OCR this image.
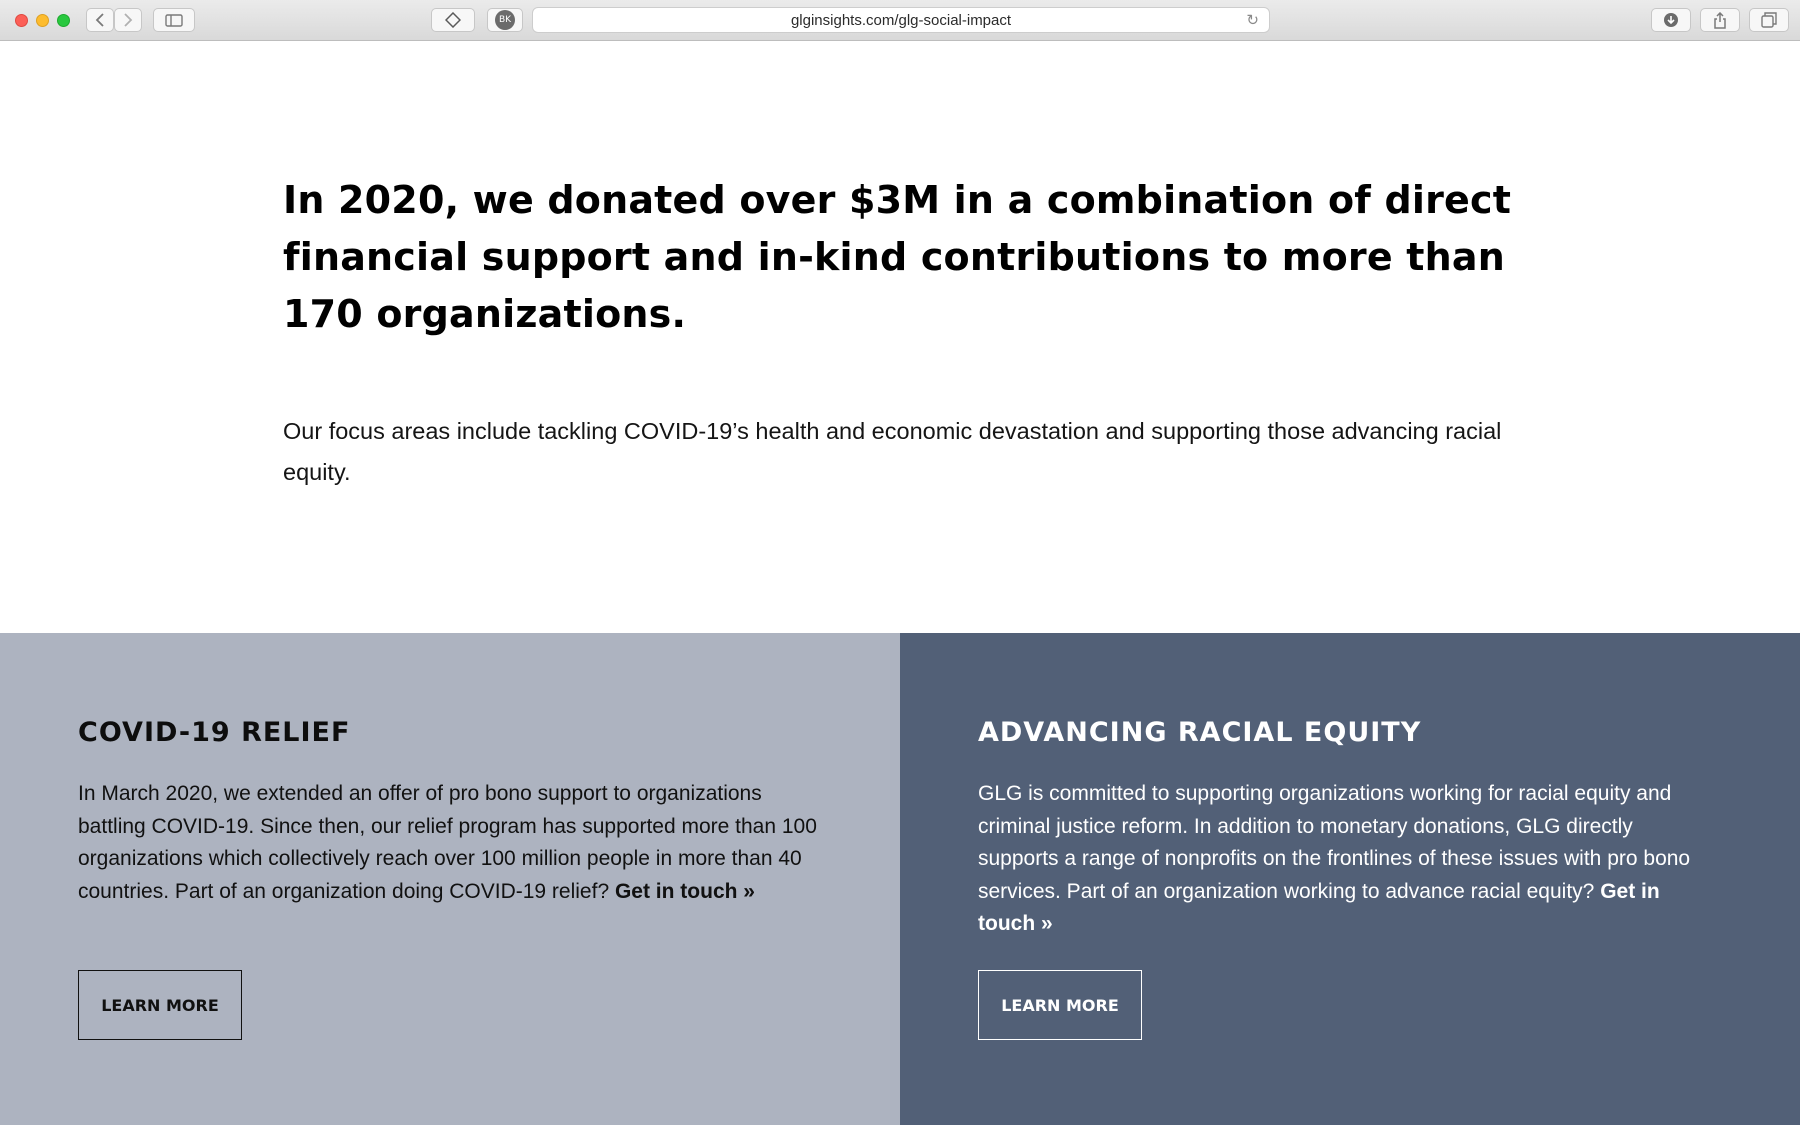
BK	glginsights.com/glg-social-impact	↻
In 2020, we donated over $3M in a combination of direct financial support and in-kind contributions to more than 170 organizations.

Our focus areas include tackling COVID-19’s health and economic devastation and supporting those advancing racial equity.

COVID-19 RELIEF

In March 2020, we extended an offer of pro bono support to organizations battling COVID-19. Since then, our relief program has supported more than 100 organizations which collectively reach over 100 million people in more than 40 countries. Part of an organization doing COVID-19 relief? Get in touch »

LEARN MORE
ADVANCING RACIAL EQUITY

GLG is committed to supporting organizations working for racial equity and criminal justice reform. In addition to monetary donations, GLG directly supports a range of nonprofits on the frontlines of these issues with pro bono services. Part of an organization working to advance racial equity? Get in touch »

LEARN MORE
